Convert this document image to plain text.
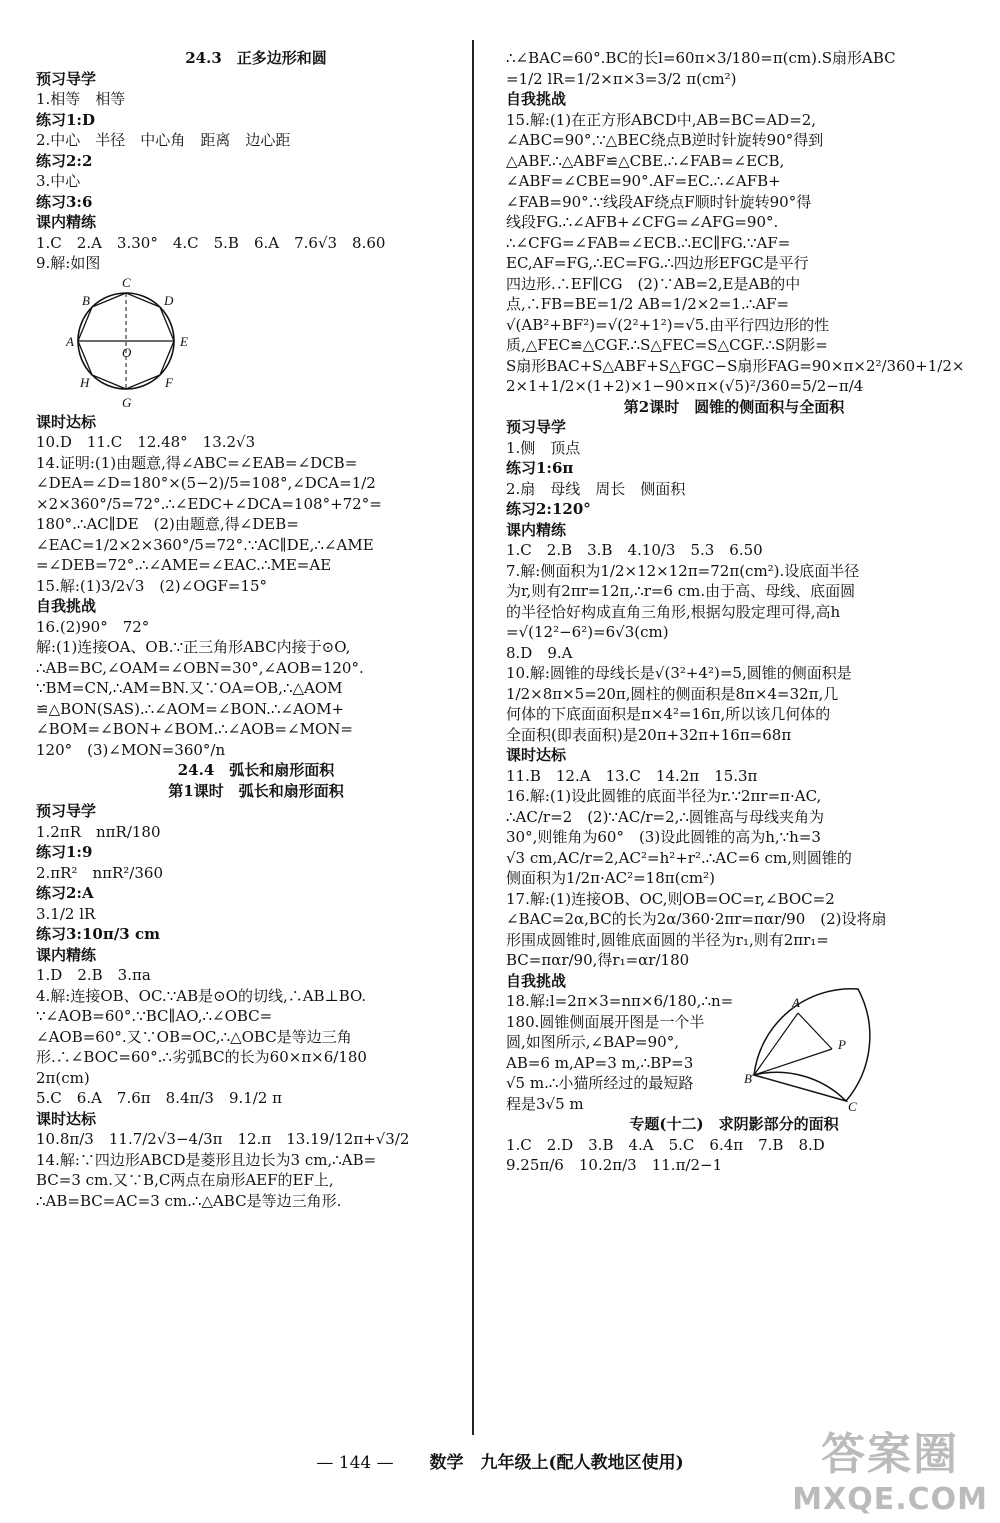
24.3　正多边形和圆
预习导学
1.相等　相等
练习1:D
2.中心　半径　中心角　距离　边心距
练习2:2
3.中心
练习3:6
课内精练
1.C　2.A　3.30°　4.C　5.B　6.A　7.6√3　8.60
9.解:如图
A
B
C
D
E
F
G
H
O
课时达标
10.D　11.C　12.48°　13.2√3
14.证明:(1)由题意,得∠ABC=∠EAB=∠DCB=
∠DEA=∠D=180°×(5−2)/5=108°,∠DCA=1/2
×2×360°/5=72°.∴∠EDC+∠DCA=108°+72°=
180°.∴AC∥DE　(2)由题意,得∠DEB=
∠EAC=1/2×2×360°/5=72°.∵AC∥DE,∴∠AME
=∠DEB=72°.∴∠AME=∠EAC.∴ME=AE
15.解:(1)3/2√3　(2)∠OGF=15°
自我挑战
16.(2)90°　72°
解:(1)连接OA、OB.∵正三角形ABC内接于⊙O,
∴AB=BC,∠OAM=∠OBN=30°,∠AOB=120°.
∵BM=CN,∴AM=BN.又∵OA=OB,∴△AOM
≌△BON(SAS).∴∠AOM=∠BON.∴∠AOM+
∠BOM=∠BON+∠BOM.∴∠AOB=∠MON=
120°　(3)∠MON=360°/n
24.4　弧长和扇形面积
第1课时　弧长和扇形面积
预习导学
1.2πR　nπR/180
练习1:9
2.πR²　nπR²/360
练习2:A
3.1/2 lR
练习3:10π/3 cm
课内精练
1.D　2.B　3.πa
4.解:连接OB、OC.∵AB是⊙O的切线,∴AB⊥BO.
∵∠AOB=60°.∵BC∥AO,∴∠OBC=
∠AOB=60°.又∵OB=OC,∴△OBC是等边三角
形.∴∠BOC=60°.∴劣弧BC的长为60×π×6/180
2π(cm)
5.C　6.A　7.6π　8.4π/3　9.1/2 π
课时达标
10.8π/3　11.7/2√3−4/3π　12.π　13.19/12π+√3/2
14.解:∵四边形ABCD是菱形且边长为3 cm,∴AB=
BC=3 cm.又∵B,C两点在扇形AEF的EF上,
∴AB=BC=AC=3 cm.∴△ABC是等边三角形.
∴∠BAC=60°.BC的长l=60π×3/180=π(cm).S扇形ABC
=1/2 lR=1/2×π×3=3/2 π(cm²)
自我挑战
15.解:(1)在正方形ABCD中,AB=BC=AD=2,
∠ABC=90°.∵△BEC绕点B逆时针旋转90°得到
△ABF.∴△ABF≌△CBE.∴∠FAB=∠ECB,
∠ABF=∠CBE=90°.AF=EC.∴∠AFB+
∠FAB=90°.∵线段AF绕点F顺时针旋转90°得
线段FG.∴∠AFB+∠CFG=∠AFG=90°.
∴∠CFG=∠FAB=∠ECB.∴EC∥FG.∵AF=
EC,AF=FG,∴EC=FG.∴四边形EFGC是平行
四边形.∴EF∥CG　(2)∵AB=2,E是AB的中
点,∴FB=BE=1/2 AB=1/2×2=1.∴AF=
√(AB²+BF²)=√(2²+1²)=√5.由平行四边形的性
质,△FEC≌△CGF.∴S△FEC=S△CGF.∴S阴影=
S扇形BAC+S△ABF+S△FGC−S扇形FAG=90×π×2²/360+1/2×
2×1+1/2×(1+2)×1−90×π×(√5)²/360=5/2−π/4
第2课时　圆锥的侧面积与全面积
预习导学
1.侧　顶点
练习1:6π
2.扇　母线　周长　侧面积
练习2:120°
课内精练
1.C　2.B　3.B　4.10/3　5.3　6.50
7.解:侧面积为1/2×12×12π=72π(cm²).设底面半径
为r,则有2πr=12π,∴r=6 cm.由于高、母线、底面圆
的半径恰好构成直角三角形,根据勾股定理可得,高h
=√(12²−6²)=6√3(cm)
8.D　9.A
10.解:圆锥的母线长是√(3²+4²)=5,圆锥的侧面积是
1/2×8π×5=20π,圆柱的侧面积是8π×4=32π,几
何体的下底面面积是π×4²=16π,所以该几何体的
全面积(即表面积)是20π+32π+16π=68π
课时达标
11.B　12.A　13.C　14.2π　15.3π
16.解:(1)设此圆锥的底面半径为r.∵2πr=π·AC,
∴AC/r=2　(2)∵AC/r=2,∴圆锥高与母线夹角为
30°,则锥角为60°　(3)设此圆锥的高为h,∵h=3
√3 cm,AC/r=2,AC²=h²+r².∴AC=6 cm,则圆锥的
侧面积为1/2π·AC²=18π(cm²)
17.解:(1)连接OB、OC,则OB=OC=r,∠BOC=2
∠BAC=2α,BC的长为2α/360·2πr=παr/90　(2)设将扇
形围成圆锥时,圆锥底面圆的半径为r₁,则有2πr₁=
BC=παr/90,得r₁=αr/180
自我挑战
18.解:l=2π×3=nπ×6/180,∴n=	A
B
C
P
180.圆锥侧面展开图是一个半
圆,如图所示,∠BAP=90°,
AB=6 m,AP=3 m,∴BP=3
√5 m.∴小猫所经过的最短路
程是3√5 m
专题(十二)　求阴影部分的面积
1.C　2.D　3.B　4.A　5.C　6.4π　7.B　8.D
9.25π/6　10.2π/3　11.π/2−1
— 144 — 数学　九年级上(配人教地区使用)	答案圈
MXQE.COM
